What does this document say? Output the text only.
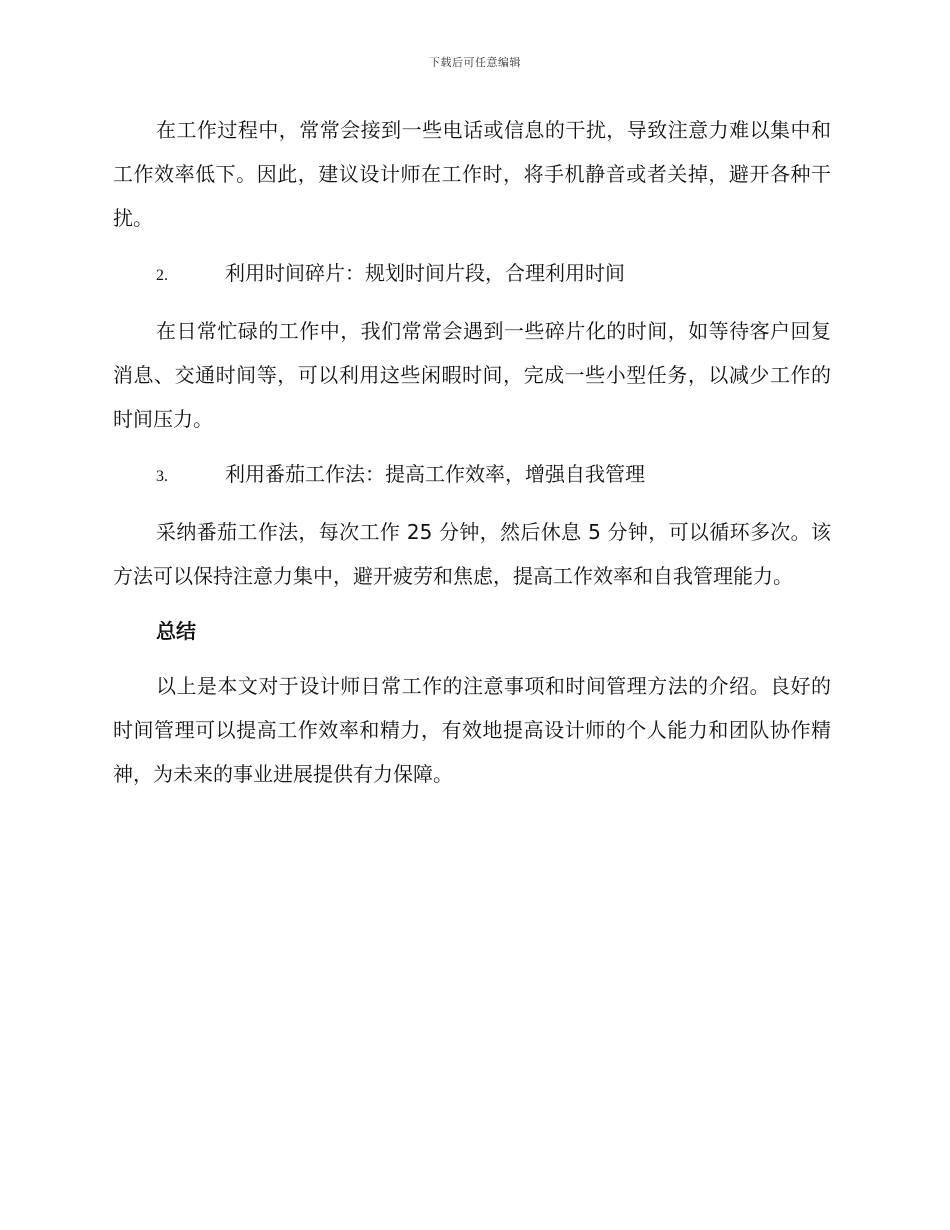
下载后可任意编辑

在工作过程中，常常会接到一些电话或信息的干扰，导致注意力难以集中和工作效率低下。因此，建议设计师在工作时，将手机静音或者关掉，避开各种干扰。

2.	利用时间碎片：规划时间片段，合理利用时间

在日常忙碌的工作中，我们常常会遇到一些碎片化的时间，如等待客户回复消息、交通时间等，可以利用这些闲暇时间，完成一些小型任务，以减少工作的时间压力。

3.	利用番茄工作法：提高工作效率，增强自我管理

采纳番茄工作法，每次工作 25 分钟，然后休息 5 分钟，可以循环多次。该方法可以保持注意力集中，避开疲劳和焦虑，提高工作效率和自我管理能力。

总结

以上是本文对于设计师日常工作的注意事项和时间管理方法的介绍。良好的时间管理可以提高工作效率和精力，有效地提高设计师的个人能力和团队协作精神，为未来的事业进展提供有力保障。
